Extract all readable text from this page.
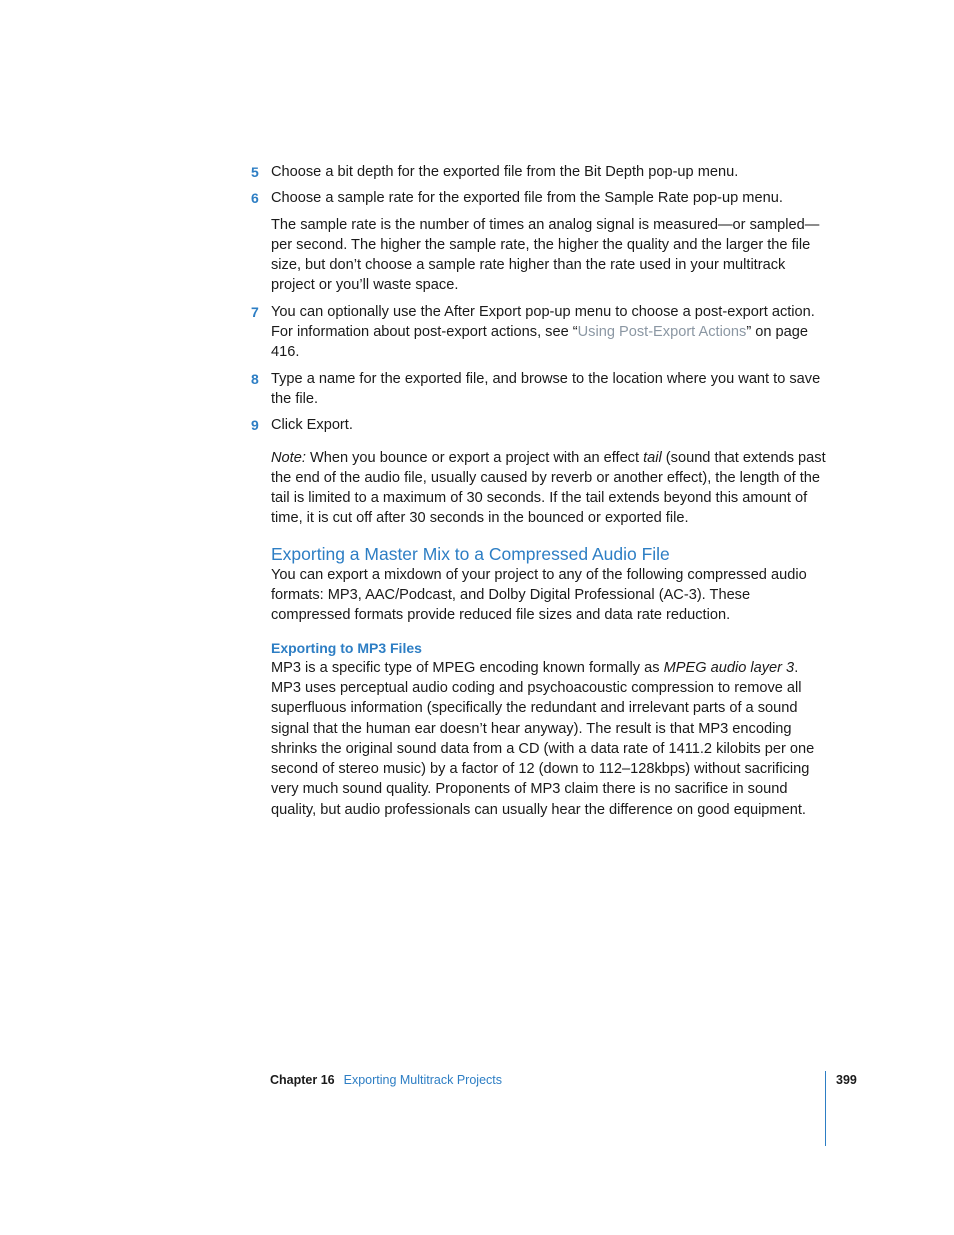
5 Choose a bit depth for the exported file from the Bit Depth pop-up menu.
6 Choose a sample rate for the exported file from the Sample Rate pop-up menu.

The sample rate is the number of times an analog signal is measured—or sampled— per second. The higher the sample rate, the higher the quality and the larger the file size, but don’t choose a sample rate higher than the rate used in your multitrack project or you’ll waste space.

7 You can optionally use the After Export pop-up menu to choose a post-export action. For information about post-export actions, see “Using Post-Export Actions” on page 416.
8 Type a name for the exported file, and browse to the location where you want to save the file.
9 Click Export.

Note: When you bounce or export a project with an effect tail (sound that extends past the end of the audio file, usually caused by reverb or another effect), the length of the tail is limited to a maximum of 30 seconds. If the tail extends beyond this amount of time, it is cut off after 30 seconds in the bounced or exported file.

Exporting a Master Mix to a Compressed Audio File

You can export a mixdown of your project to any of the following compressed audio formats: MP3, AAC/Podcast, and Dolby Digital Professional (AC-3). These compressed formats provide reduced file sizes and data rate reduction.

Exporting to MP3 Files

MP3 is a specific type of MPEG encoding known formally as MPEG audio layer 3. MP3 uses perceptual audio coding and psychoacoustic compression to remove all superfluous information (specifically the redundant and irrelevant parts of a sound signal that the human ear doesn’t hear anyway). The result is that MP3 encoding shrinks the original sound data from a CD (with a data rate of 1411.2 kilobits per one second of stereo music) by a factor of 12 (down to 112–128kbps) without sacrificing very much sound quality. Proponents of MP3 claim there is no sacrifice in sound quality, but audio professionals can usually hear the difference on good equipment.

Chapter 16 Exporting Multitrack Projects	399
